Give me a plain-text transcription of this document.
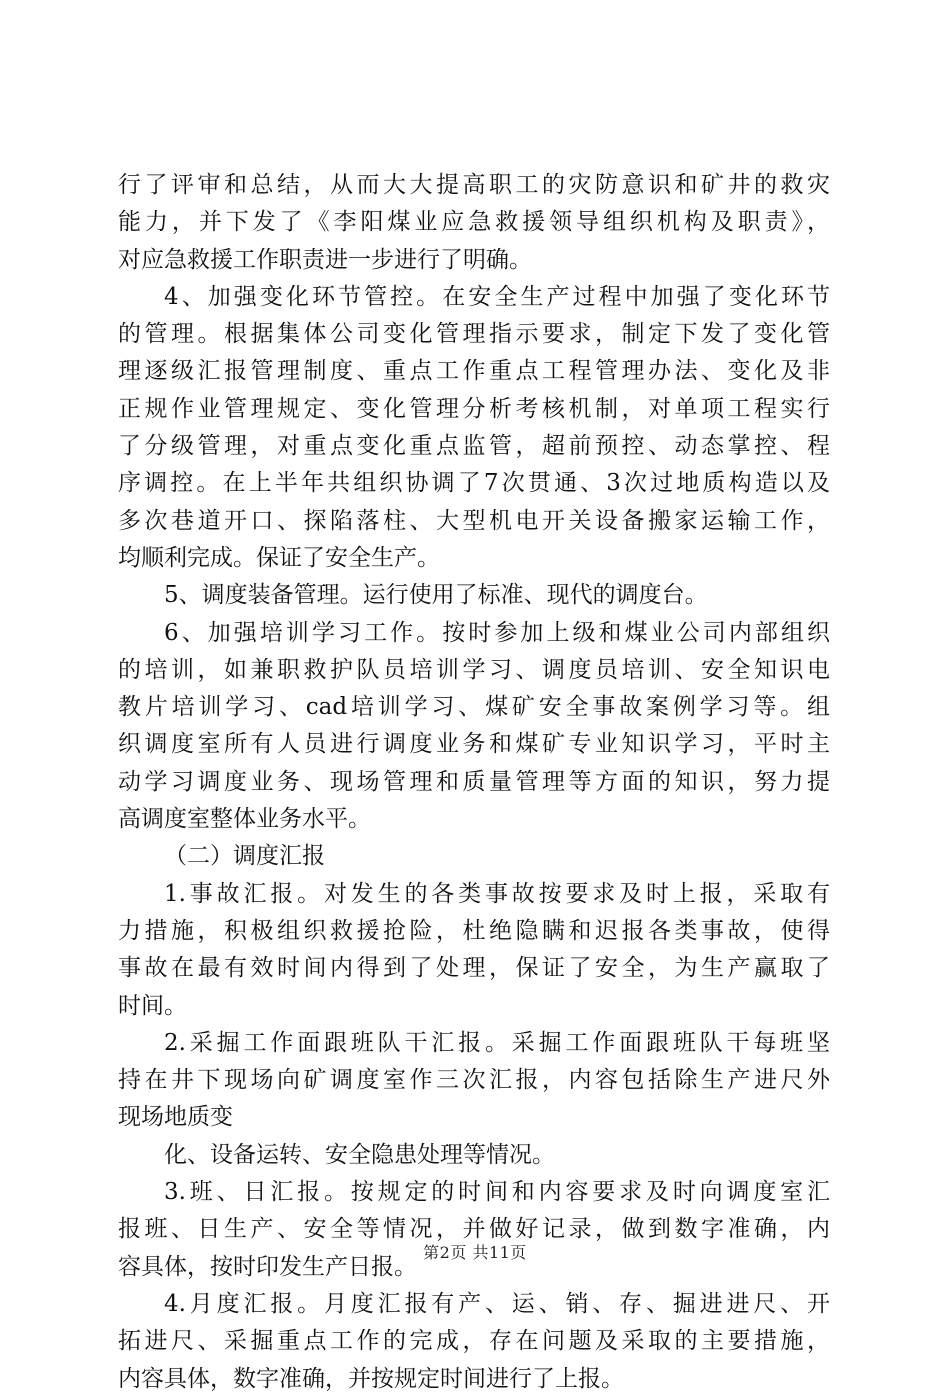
行了评审和总结，从而大大提高职工的灾防意识和矿井的救灾
能力，并下发了《李阳煤业应急救援领导组织机构及职责》，
对应急救援工作职责进一步进行了明确。
4、加强变化环节管控。在安全生产过程中加强了变化环节
的管理。根据集体公司变化管理指示要求，制定下发了变化管
理逐级汇报管理制度、重点工作重点工程管理办法、变化及非
正规作业管理规定、变化管理分析考核机制，对单项工程实行
了分级管理，对重点变化重点监管，超前预控、动态掌控、程
序调控。在上半年共组织协调了7次贯通、3次过地质构造以及
多次巷道开口、探陷落柱、大型机电开关设备搬家运输工作，
均顺利完成。保证了安全生产。
5、调度装备管理。运行使用了标准、现代的调度台。
6、加强培训学习工作。按时参加上级和煤业公司内部组织
的培训，如兼职救护队员培训学习、调度员培训、安全知识电
教片培训学习、cad培训学习、煤矿安全事故案例学习等。组
织调度室所有人员进行调度业务和煤矿专业知识学习，平时主
动学习调度业务、现场管理和质量管理等方面的知识，努力提
高调度室整体业务水平。
（二）调度汇报
1.事故汇报。对发生的各类事故按要求及时上报，采取有
力措施，积极组织救援抢险，杜绝隐瞒和迟报各类事故，使得
事故在最有效时间内得到了处理，保证了安全，为生产赢取了
时间。
2.采掘工作面跟班队干汇报。采掘工作面跟班队干每班坚
持在井下现场向矿调度室作三次汇报，内容包括除生产进尺外
现场地质变
化、设备运转、安全隐患处理等情况。
3.班、日汇报。按规定的时间和内容要求及时向调度室汇
报班、日生产、安全等情况，并做好记录，做到数字准确，内
容具体，按时印发生产日报。
4.月度汇报。月度汇报有产、运、销、存、掘进进尺、开
拓进尺、采掘重点工作的完成，存在问题及采取的主要措施，
内容具体，数字准确，并按规定时间进行了上报。
第2页 共11页
